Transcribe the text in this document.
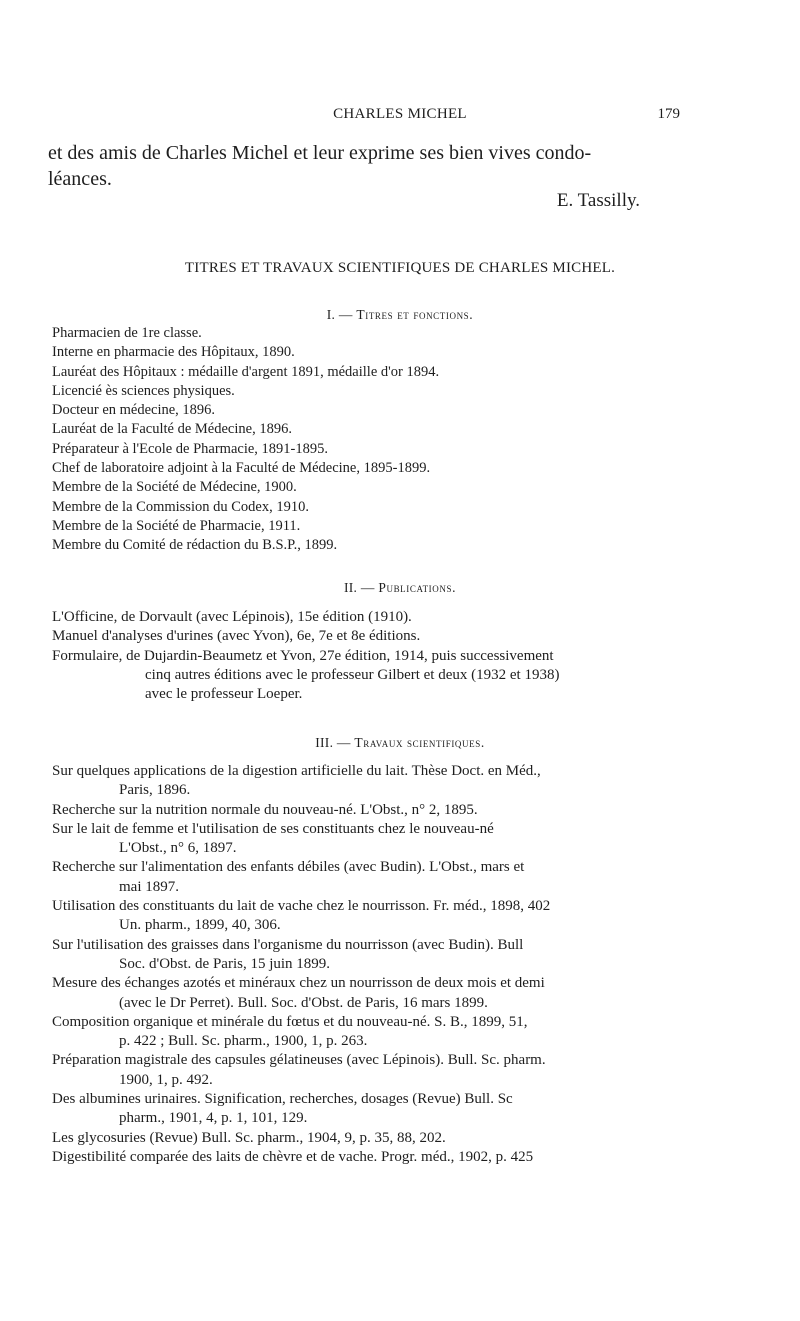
CHARLES MICHEL	179
et des amis de Charles Michel et leur exprime ses bien vives condo-
léances.
E. Tassilly.
TITRES ET TRAVAUX SCIENTIFIQUES DE CHARLES MICHEL.
I. — Titres et fonctions.
Pharmacien de 1re classe.
Interne en pharmacie des Hôpitaux, 1890.
Lauréat des Hôpitaux : médaille d'argent 1891, médaille d'or 1894.
Licencié ès sciences physiques.
Docteur en médecine, 1896.
Lauréat de la Faculté de Médecine, 1896.
Préparateur à l'Ecole de Pharmacie, 1891-1895.
Chef de laboratoire adjoint à la Faculté de Médecine, 1895-1899.
Membre de la Société de Médecine, 1900.
Membre de la Commission du Codex, 1910.
Membre de la Société de Pharmacie, 1911.
Membre du Comité de rédaction du B.S.P., 1899.
II. — Publications.
L'Officine, de Dorvault (avec Lépinois), 15e édition (1910).
Manuel d'analyses d'urines (avec Yvon), 6e, 7e et 8e éditions.
Formulaire, de Dujardin-Beaumetz et Yvon, 27e édition, 1914, puis successivement
cinq autres éditions avec le professeur Gilbert et deux (1932 et 1938)
avec le professeur Loeper.
III. — Travaux scientifiques.
Sur quelques applications de la digestion artificielle du lait. Thèse Doct. en Méd.,
Paris, 1896.
Recherche sur la nutrition normale du nouveau-né. L'Obst., n° 2, 1895.
Sur le lait de femme et l'utilisation de ses constituants chez le nouveau-né
L'Obst., n° 6, 1897.
Recherche sur l'alimentation des enfants débiles (avec Budin). L'Obst., mars et
mai 1897.
Utilisation des constituants du lait de vache chez le nourrisson. Fr. méd., 1898, 402
Un. pharm., 1899, 40, 306.
Sur l'utilisation des graisses dans l'organisme du nourrisson (avec Budin). Bull
Soc. d'Obst. de Paris, 15 juin 1899.
Mesure des échanges azotés et minéraux chez un nourrisson de deux mois et demi
(avec le Dr Perret). Bull. Soc. d'Obst. de Paris, 16 mars 1899.
Composition organique et minérale du fœtus et du nouveau-né. S. B., 1899, 51,
p. 422 ; Bull. Sc. pharm., 1900, 1, p. 263.
Préparation magistrale des capsules gélatineuses (avec Lépinois). Bull. Sc. pharm.
1900, 1, p. 492.
Des albumines urinaires. Signification, recherches, dosages (Revue) Bull. Sc
pharm., 1901, 4, p. 1, 101, 129.
Les glycosuries (Revue) Bull. Sc. pharm., 1904, 9, p. 35, 88, 202.
Digestibilité comparée des laits de chèvre et de vache. Progr. méd., 1902, p. 425
